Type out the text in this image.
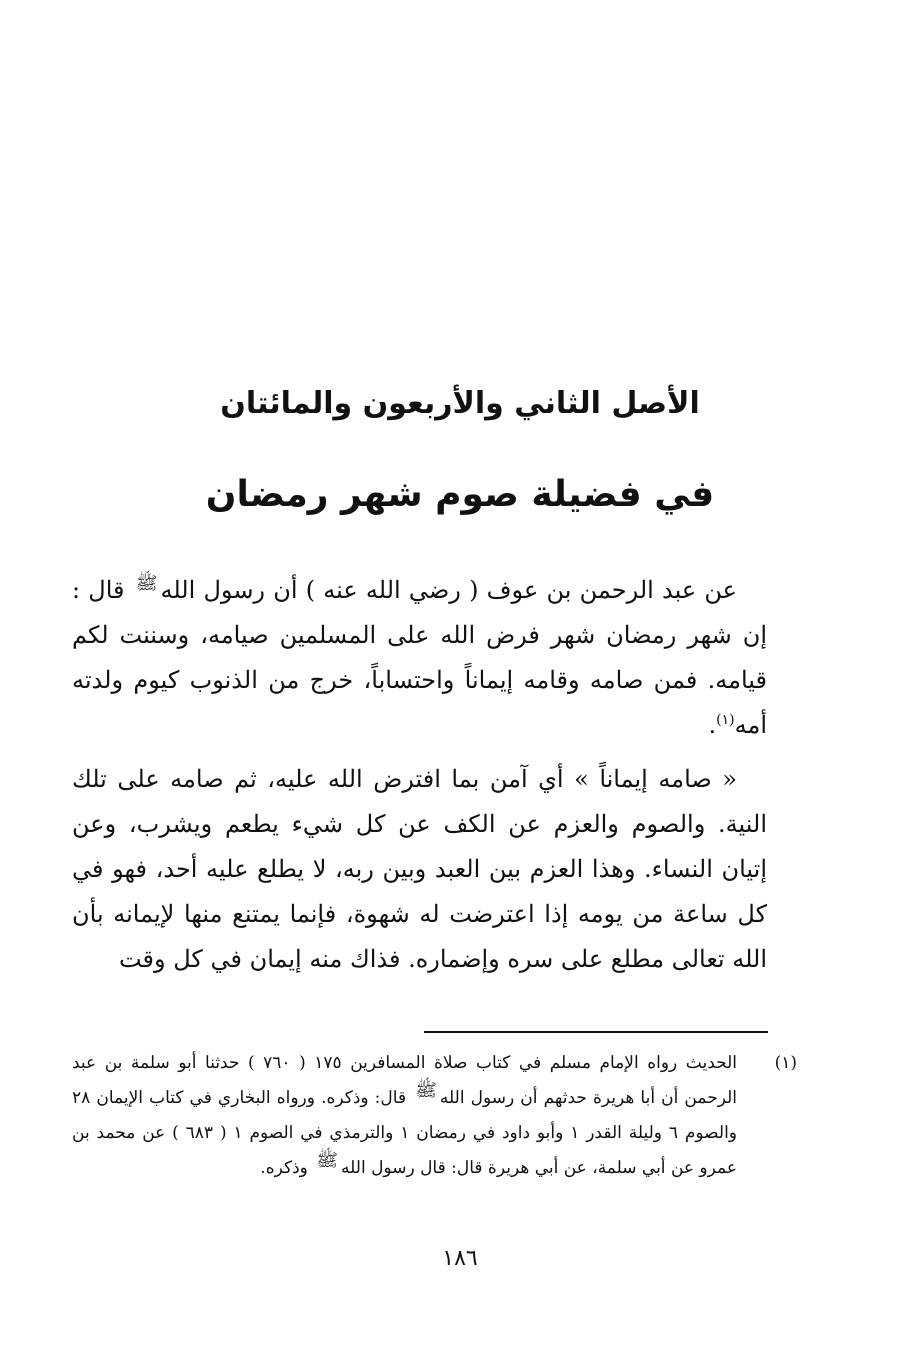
الأصل الثاني والأربعون والمائتان
في فضيلة صوم شهر رمضان

عن عبد الرحمن بن عوف ( رضي الله عنه ) أن رسول الله$^ﷺ$ قال : إن شهر رمضان شهر فرض الله على المسلمين صيامه، وسننت لكم قيامه. فمن صامه وقامه إيماناً واحتساباً، خرج من الذنوب كيوم ولدته أمه$^{(١)}$.

« صامه إيماناً » أي آمن بما افترض الله عليه، ثم صامه على تلك النية. والصوم والعزم عن الكف عن كل شيء يطعم ويشرب، وعن إتيان النساء. وهذا العزم بين العبد وبين ربه، لا يطلع عليه أحد، فهو في كل ساعة من يومه إذا اعترضت له شهوة، فإنما يمتنع منها لإيمانه بأن الله تعالى مطلع على سره وإضماره. فذاك منه إيمان في كل وقت

(١)الحديث رواه الإمام مسلم في كتاب صلاة المسافرين ١٧٥ ( ٧٦٠ ) حدثنا أبو سلمة بن عبد الرحمن أن أبا هريرة حدثهم أن رسول اللهﷺ قال: وذكره. ورواه البخاري في كتاب الإيمان ٢٨ والصوم ٦ وليلة القدر ١ وأبو داود في رمضان ١ والترمذي في الصوم ١ ( ٦٨٣ ) عن محمد بن عمرو عن أبي سلمة، عن أبي هريرة قال: قال رسول اللهﷺ وذكره.
١٨٦
